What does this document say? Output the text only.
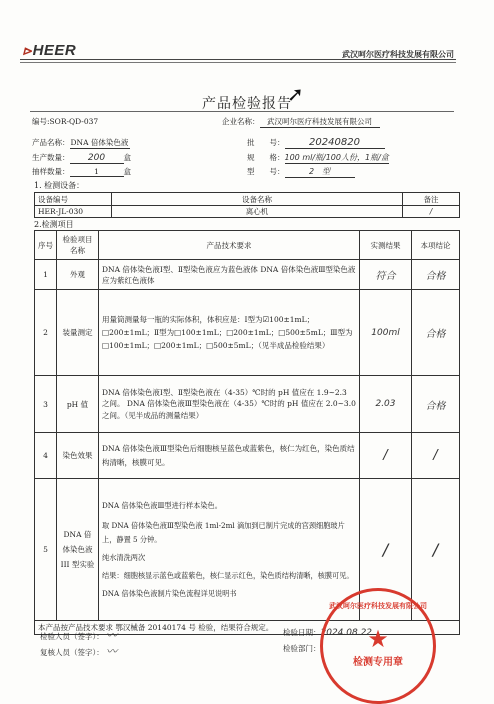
⊳HEER	武汉呵尔医疗科技发展有限公司
产品检验报告
➚
编号:SOR-QD-037	企业名称： 武汉呵尔医疗科技发展有限公司
产品名称：DNA 倍体染色液	批　　号： 20240820
生产数量： 200 盒	规　　格：100 ml/瓶/100人份，1瓶/盒
抽样数量：	1	盒	型　　号：	2　型
1. 检测设备：
设备编号	设备名称	备注
HER-JL-030	离心机	/
2.检测项目
序号	检验项目名称	产品技术要求	实测结果	本项结论
1	外观	DNA 倍体染色液Ⅰ型、Ⅱ型染色液应为蓝色液体 DNA 倍体染色液Ⅲ型染色液应为紫红色液体	符合	合格
2	装量测定	用量筒测量每一瓶的实际体积，体积应是：Ⅰ型为☑100±1mL；□200±1mL；Ⅱ型为□100±1mL；□200±1mL；□500±5mL；Ⅲ型为□100±1mL；□200±1mL；□500±5mL；（见半成品检验结果）	100ml	合格
3	pH 值	DNA 倍体染色液Ⅰ型、Ⅱ型染色液在（4-35）℃时的 pH 值应在 1.9~2.3 之间。 DNA 倍体染色液Ⅲ型染色液在（4-35）℃时的 pH 值应在 2.0~3.0 之间。（见半成品的测量结果）	2.03	合格
4	染色效果	DNA 倍体染色液Ⅲ型染色后细胞核呈蓝色或蓝紫色，核仁为红色，染色质结构清晰，核膜可见。	/	/
5	DNA 倍体染色液 III 型实验	DNA 倍体染色液Ⅲ型进行样本染色。
取 DNA 倍体染色液Ⅲ型染色液 1ml-2ml 滴加到已制片完成的宫颈细胞玻片上，静置 5 分钟。
纯水清洗两次
结果：细胞核显示蓝色或蓝紫色，核仁显示红色，染色质结构清晰，核膜可见。
DNA 倍体染色液制片染色流程详见说明书	/	/
本产品按产品技术要求 鄂汉械备 20140174 号 检验，结果符合规定。				
检验人员（签字）： 〰︎
复核人员（签字）： 〰︎
检验日期：2024.08.22
检验部门：
武汉呵尔医疗科技发展有限公司
★
检测专用章
